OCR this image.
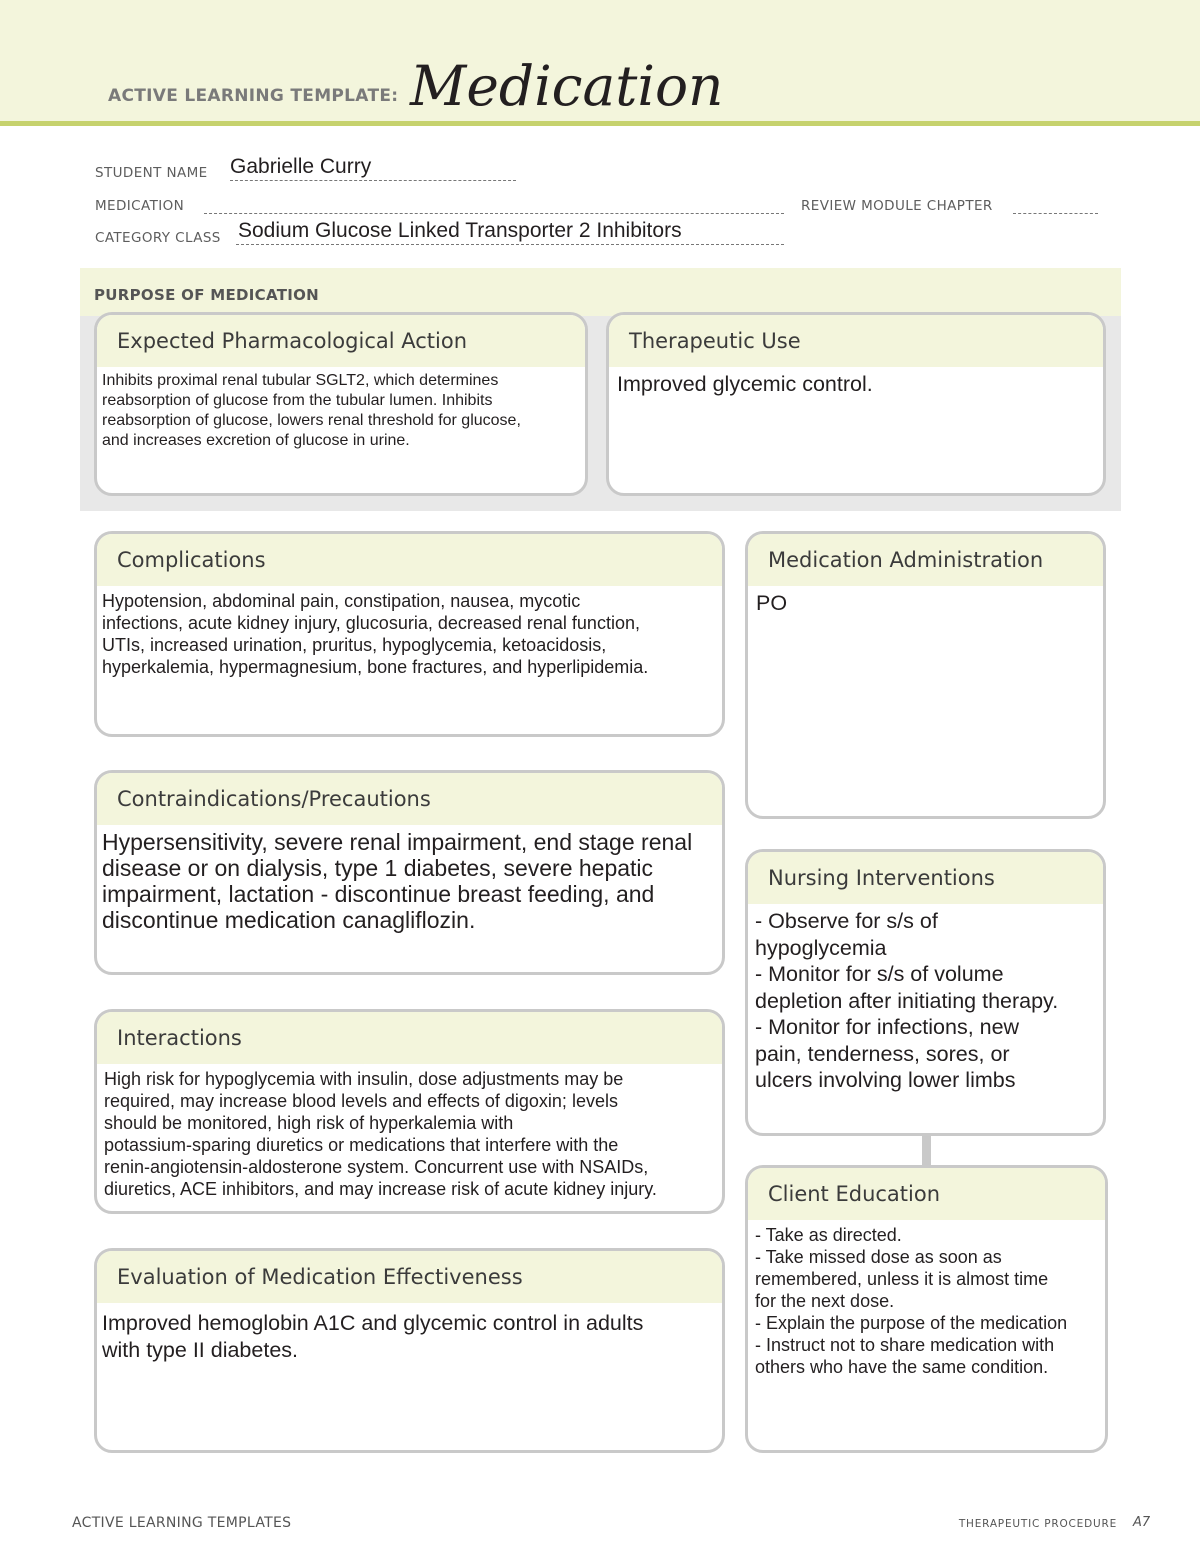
ACTIVE LEARNING TEMPLATE: Medication
STUDENT NAME Gabrielle Curry
MEDICATION	REVIEW MODULE CHAPTER
CATEGORY CLASS Sodium Glucose Linked Transporter 2 Inhibitors
PURPOSE OF MEDICATION
Expected Pharmacological Action
Inhibits proximal renal tubular SGLT2, which determines
reabsorption of glucose from the tubular lumen. Inhibits
reabsorption of glucose, lowers renal threshold for glucose,
and increases excretion of glucose in urine.
Therapeutic Use
Improved glycemic control.
Complications
Hypotension, abdominal pain, constipation, nausea, mycotic
infections, acute kidney injury, glucosuria, decreased renal function,
UTIs, increased urination, pruritus, hypoglycemia, ketoacidosis,
hyperkalemia, hypermagnesium, bone fractures, and hyperlipidemia.
Medication Administration
PO
Contraindications/Precautions
Hypersensitivity, severe renal impairment, end stage renal
disease or on dialysis, type 1 diabetes, severe hepatic
impairment, lactation - discontinue breast feeding, and
discontinue medication canagliflozin.
Nursing Interventions
- Observe for s/s of
hypoglycemia
- Monitor for s/s of volume
depletion after initiating therapy.
- Monitor for infections, new
pain, tenderness, sores, or
ulcers involving lower limbs
Interactions
High risk for hypoglycemia with insulin, dose adjustments may be
required, may increase blood levels and effects of digoxin; levels
should be monitored, high risk of hyperkalemia with
potassium-sparing diuretics or medications that interfere with the
renin-angiotensin-aldosterone system. Concurrent use with NSAIDs,
diuretics, ACE inhibitors, and may increase risk of acute kidney injury.	Client Education
- Take as directed.
- Take missed dose as soon as
remembered, unless it is almost time
for the next dose.
- Explain the purpose of the medication
- Instruct not to share medication with
others who have the same condition.
Evaluation of Medication Effectiveness
Improved hemoglobin A1C and glycemic control in adults
with type II diabetes.
ACTIVE LEARNING TEMPLATES	THERAPEUTIC PROCEDURE A7
